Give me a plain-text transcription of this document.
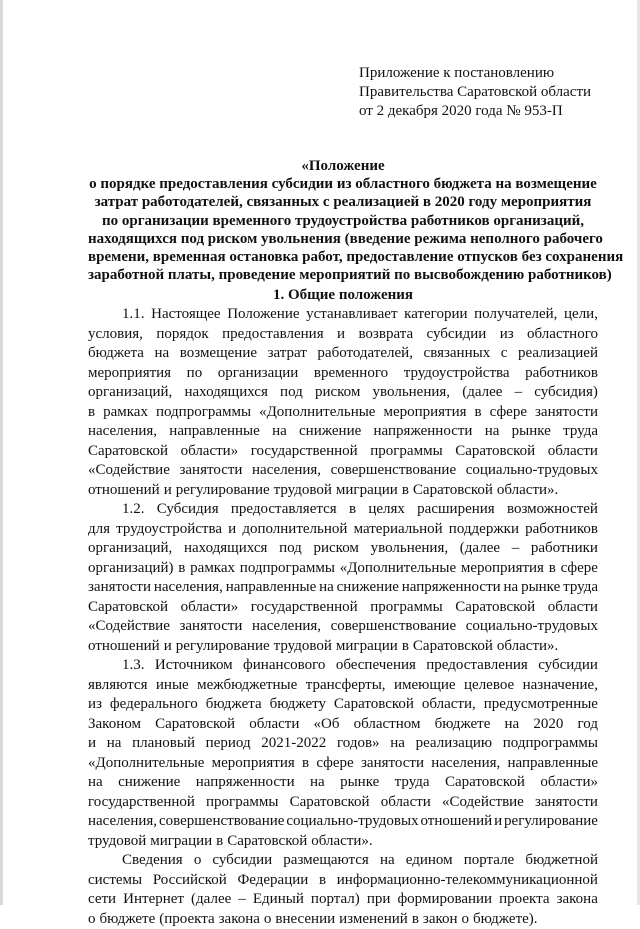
Приложение к постановлению
Правительства Саратовской области
от 2 декабря 2020 года № 953-П
«Положение
о порядке предоставления субсидии из областного бюджета на возмещение
затрат работодателей, связанных с реализацией в 2020 году мероприятия
по организации временного трудоустройства работников организаций,
находящихся под риском увольнения (введение режима неполного рабочего
времени, временная остановка работ, предоставление отпусков без сохранения
заработной платы, проведение мероприятий по высвобождению работников)
1. Общие положения
1.1. Настоящее Положение устанавливает категории получателей, цели,
условия, порядок предоставления и возврата субсидии из областного
бюджета на возмещение затрат работодателей, связанных с реализацией
мероприятия по организации временного трудоустройства работников
организаций, находящихся под риском увольнения, (далее – субсидия)
в рамках подпрограммы «Дополнительные мероприятия в сфере занятости
населения, направленные на снижение напряженности на рынке труда
Саратовской области» государственной программы Саратовской области
«Содействие занятости населения, совершенствование социально-трудовых
отношений и регулирование трудовой миграции в Саратовской области».
1.2. Субсидия предоставляется в целях расширения возможностей
для трудоустройства и дополнительной материальной поддержки работников
организаций, находящихся под риском увольнения, (далее – работники
организаций) в рамках подпрограммы «Дополнительные мероприятия в сфере
занятости населения, направленные на снижение напряженности на рынке труда
Саратовской области» государственной программы Саратовской области
«Содействие занятости населения, совершенствование социально-трудовых
отношений и регулирование трудовой миграции в Саратовской области».
1.3. Источником финансового обеспечения предоставления субсидии
являются иные межбюджетные трансферты, имеющие целевое назначение,
из федерального бюджета бюджету Саратовской области, предусмотренные
Законом Саратовской области «Об областном бюджете на 2020 год
и на плановый период 2021-2022 годов» на реализацию подпрограммы
«Дополнительные мероприятия в сфере занятости населения, направленные
на снижение напряженности на рынке труда Саратовской области»
государственной программы Саратовской области «Содействие занятости
населения, совершенствование социально-трудовых отношений и регулирование
трудовой миграции в Саратовской области».
Сведения о субсидии размещаются на едином портале бюджетной
системы Российской Федерации в информационно-телекоммуникационной
сети Интернет (далее – Единый портал) при формировании проекта закона
о бюджете (проекта закона о внесении изменений в закон о бюджете).
